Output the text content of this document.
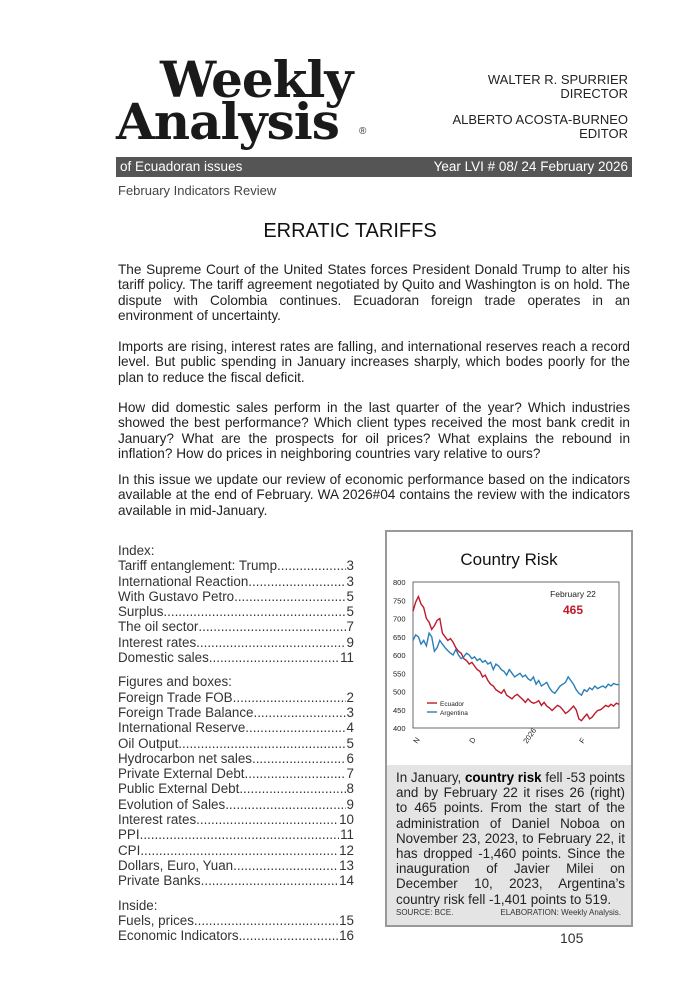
Weekly
Analysis ®
WALTER R. SPURRIER
DIRECTOR
ALBERTO ACOSTA-BURNEO
EDITOR
of Ecuadoran issues	Year LVI # 08/ 24 February 2026
February Indicators Review
ERRATIC TARIFFS

The Supreme Court of the United States forces President Donald Trump to alter his tariff policy. The tariff agreement negotiated by Quito and Washington is on hold. The dispute with Colombia continues. Ecuadoran foreign trade operates in an environment of uncertainty.

Imports are rising, interest rates are falling, and international reserves reach a record level. But public spending in January increases sharply, which bodes poorly for the plan to reduce the fiscal deficit.

How did domestic sales perform in the last quarter of the year? Which industries showed the best performance? Which client types received the most bank credit in January? What are the prospects for oil prices? What explains the rebound in inflation? How do prices in neighboring countries vary relative to ours?

In this issue we update our review of economic performance based on the indicators available at the end of February. WA 2026#04 contains the review with the indicators available in mid-January.

Index:
Tariff entanglement: Trump .....	3
International Reaction .....	3
With Gustavo Petro .....	5
Surplus. .....	5
The oil sector .....	7
Interest rates .....	9
Domestic sales .....	11
Figures and boxes:
Foreign Trade FOB .....	2
Foreign Trade Balance .....	3
International Reserve .....	4
Oil Output .....	5
Hydrocarbon net sales .....	6
Private External Debt .....	7
Public External Debt .....	8
Evolution of Sales .....	9
Interest rates .....	10
PPI .....	11
CPI .....	12
Dollars, Euro, Yuan .....	13
Private Banks .....	14
Inside:
Fuels, prices. .....	15
Economic Indicators .....	16
Country Risk
800
750
700
650
600
550
500
450
400
N	D	2026	F
Ecuador
Argentina
February 22
465

In January, country risk fell -53 points and by February 22 it rises 26 (right) to 465 points. From the start of the administration of Daniel Noboa on November 23, 2023, to February 22, it has dropped -1,460 points. Since the inauguration of Javier Milei on December 10, 2023, Argentina’s country risk fell -1,401 points to 519.

SOURCE: BCE.	ELABORATION: Weekly Analysis.
105
